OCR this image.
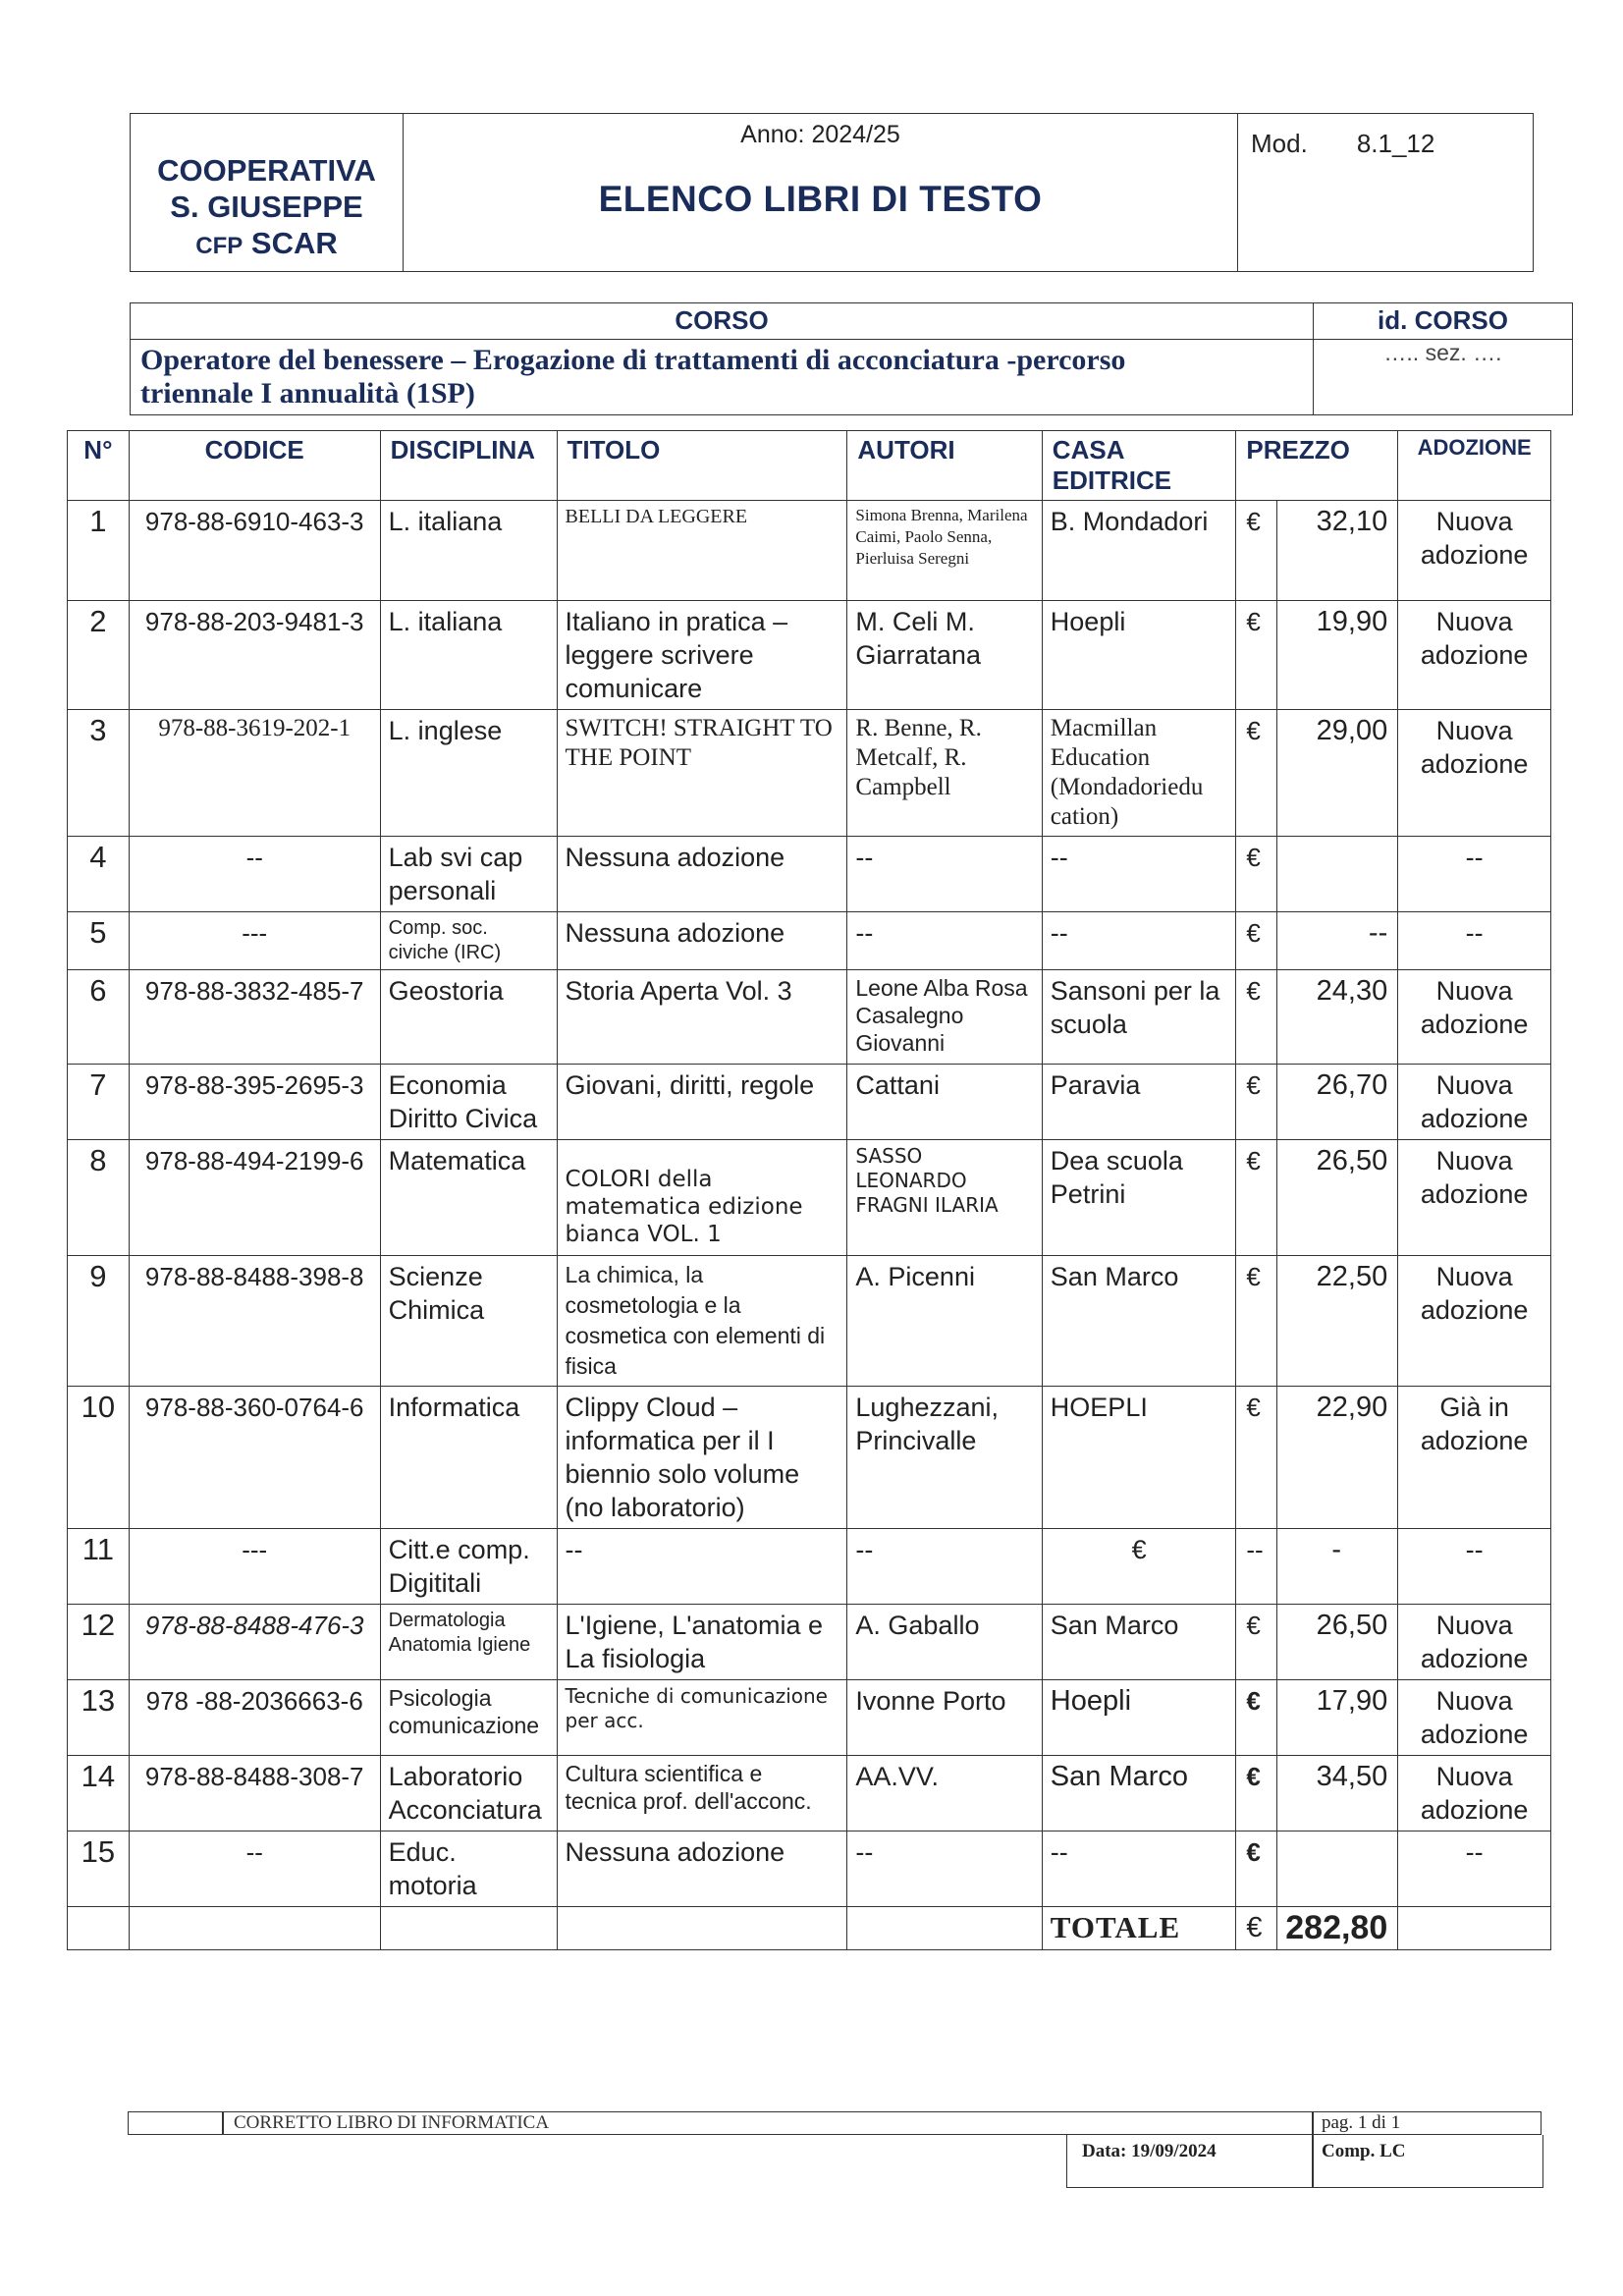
COOPERATIVA
S. GIUSEPPE
CFP SCAR

Anno: 2024/25
ELENCO LIBRI DI TESTO

Mod. 8.1_12
CORSO
Operatore del benessere – Erogazione di trattamenti di acconciatura -percorso
triennale I annualità (1SP)

id. CORSO
….. sez. ….
N°	CODICE	DISCIPLINA	TITOLO	AUTORI	CASA EDITRICE	PREZZO		ADOZIONE
1	978-88-6910-463-3	L. italiana	BELLI DA LEGGERE	Simona Brenna, Marilena Caimi, Paolo Senna, Pierluisa Seregni	B. Mondadori	€	32,10	Nuova adozione
2	978-88-203-9481-3	L. italiana	Italiano in pratica – leggere scrivere comunicare	M. Celi M. Giarratana	Hoepli	€	19,90	Nuova adozione
3	978-88-3619-202-1	L. inglese	SWITCH! STRAIGHT TO THE POINT	R. Benne, R. Metcalf, R. Campbell	Macmillan Education (Mondadoriedu cation)	€	29,00	Nuova adozione
4	--	Lab svi cap personali	Nessuna adozione	--	--	€		--
5	---	Comp. soc. civiche (IRC)	Nessuna adozione	--	--	€	--	--
6	978-88-3832-485-7	Geostoria	Storia Aperta Vol. 3	Leone Alba Rosa Casalegno Giovanni	Sansoni per la scuola	€	24,30	Nuova adozione
7	978-88-395-2695-3	Economia Diritto Civica	Giovani, diritti, regole	Cattani	Paravia	€	26,70	Nuova adozione
8	978-88-494-2199-6	Matematica	COLORI della matematica edizione bianca VOL. 1	SASSO LEONARDO FRAGNI ILARIA	Dea scuola Petrini	€	26,50	Nuova adozione
9	978-88-8488-398-8	Scienze Chimica	La chimica, la cosmetologia e la cosmetica con elementi di fisica	A. Picenni	San Marco	€	22,50	Nuova adozione
10	978-88-360-0764-6	Informatica	Clippy Cloud – informatica per il I biennio solo volume (no laboratorio)	Lughezzani, Princivalle	HOEPLI	€	22,90	Già in adozione
11	---	Citt.e comp. Digititali	--	--	€	--	-	--
12	978-88-8488-476-3	Dermatologia Anatomia Igiene	L'Igiene, L'anatomia e La fisiologia	A. Gaballo	San Marco	€	26,50	Nuova adozione
13	978 -88-2036663-6	Psicologia comunicazione	Tecniche di comunicazione per acc.	Ivonne Porto	Hoepli	€	17,90	Nuova adozione
14	978-88-8488-308-7	Laboratorio Acconciatura	Cultura scientifica e tecnica prof. dell'acconc.	AA.VV.	San Marco	€	34,50	Nuova adozione
15	--	Educ. motoria	Nessuna adozione	--	--	€		--
					TOTALE	€	282,80	
CORRETTO LIBRO DI INFORMATICA	pag. 1 di 1
Data: 19/09/2024	Comp. LC
